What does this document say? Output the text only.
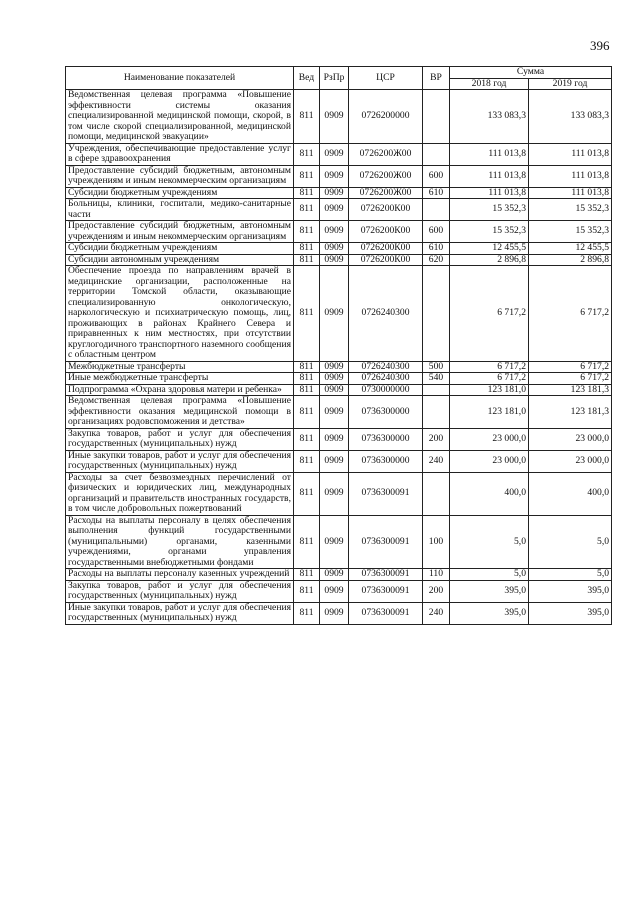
396
Наименование показателей	Вед	РзПр	ЦСР	ВР	Сумма	
					2018 год	2019 год
Ведомственная целевая программа «Повышение эффективности системы оказания специализированной медицинской помощи, скорой, в том числе скорой специализированной, медицинской помощи, медицинской эвакуации»	811	0909	0726200000		133 083,3	133 083,3
Учреждения, обеспечивающие предоставление услуг в сфере здравоохранения	811	0909	0726200Ж00		111 013,8	111 013,8
Предоставление субсидий бюджетным, автономным учреждениям и иным некоммерческим организациям	811	0909	0726200Ж00	600	111 013,8	111 013,8
Субсидии бюджетным учреждениям	811	0909	0726200Ж00	610	111 013,8	111 013,8
Больницы, клиники, госпитали, медико-санитарные части	811	0909	0726200К00		15 352,3	15 352,3
Предоставление субсидий бюджетным, автономным учреждениям и иным некоммерческим организациям	811	0909	0726200К00	600	15 352,3	15 352,3
Субсидии бюджетным учреждениям	811	0909	0726200К00	610	12 455,5	12 455,5
Субсидии автономным учреждениям	811	0909	0726200К00	620	2 896,8	2 896,8
Обеспечение проезда по направлениям врачей в медицинские организации, расположенные на территории Томской области, оказывающие специализированную онкологическую, наркологическую и психиатрическую помощь, лиц, проживающих в районах Крайнего Севера и приравненных к ним местностях, при отсутствии круглогодичного транспортного наземного сообщения с областным центром	811	0909	0726240300		6 717,2	6 717,2
Межбюджетные трансферты	811	0909	0726240300	500	6 717,2	6 717,2
Иные межбюджетные трансферты	811	0909	0726240300	540	6 717,2	6 717,2
Подпрограмма «Охрана здоровья матери и ребенка»	811	0909	0730000000		123 181,0	123 181,3
Ведомственная целевая программа «Повышение эффективности оказания медицинской помощи в организациях родовспоможения и детства»	811	0909	0736300000		123 181,0	123 181,3
Закупка товаров, работ и услуг для обеспечения государственных (муниципальных) нужд	811	0909	0736300000	200	23 000,0	23 000,0
Иные закупки товаров, работ и услуг для обеспечения государственных (муниципальных) нужд	811	0909	0736300000	240	23 000,0	23 000,0
Расходы за счет безвозмездных перечислений от физических и юридических лиц, международных организаций и правительств иностранных государств, в том числе добровольных пожертвований	811	0909	0736300091		400,0	400,0
Расходы на выплаты персоналу в целях обеспечения выполнения функций государственными (муниципальными) органами, казенными учреждениями, органами управления государственными внебюджетными фондами	811	0909	0736300091	100	5,0	5,0
Расходы на выплаты персоналу казенных учреждений	811	0909	0736300091	110	5,0	5,0
Закупка товаров, работ и услуг для обеспечения государственных (муниципальных) нужд	811	0909	0736300091	200	395,0	395,0
Иные закупки товаров, работ и услуг для обеспечения государственных (муниципальных) нужд	811	0909	0736300091	240	395,0	395,0
